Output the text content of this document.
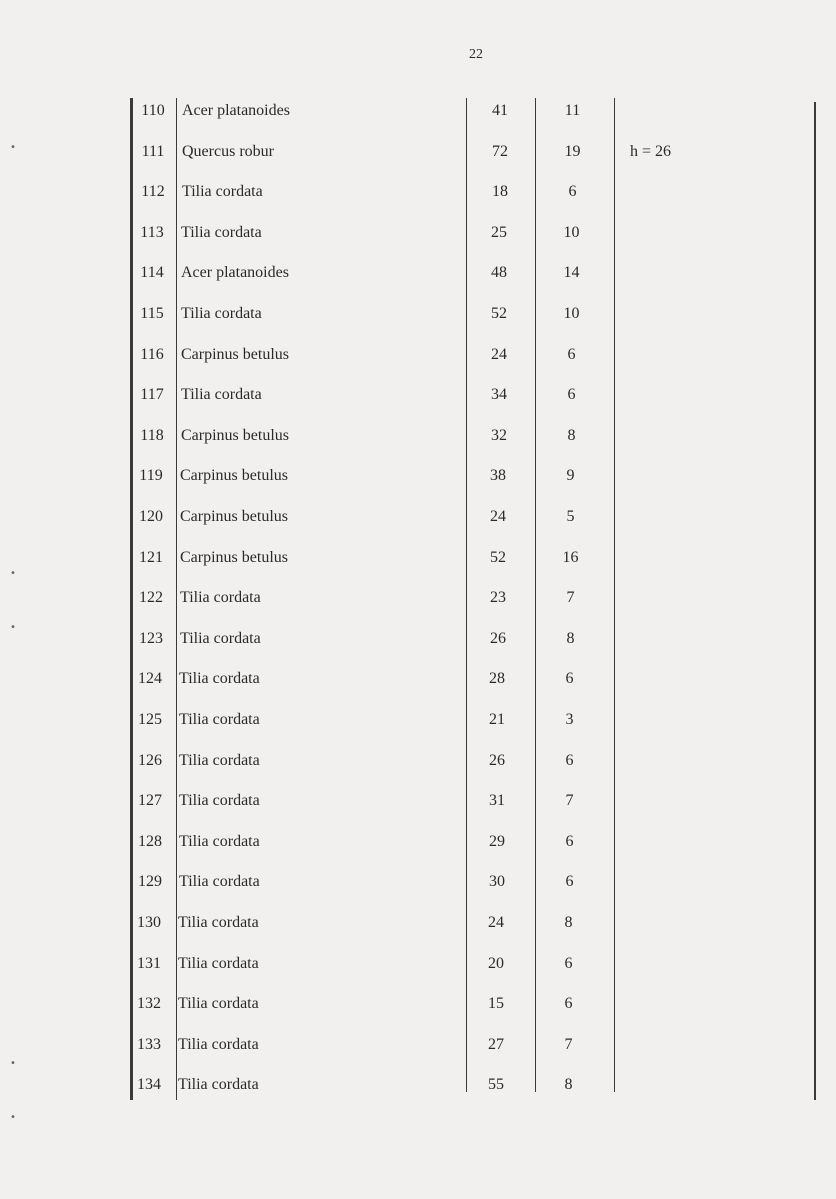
22
110	Acer platanoides	41	11
111	Quercus robur	72	19	h = 26
112	Tilia cordata	18	6
113	Tilia cordata	25	10
114	Acer platanoides	48	14
115	Tilia cordata	52	10
116	Carpinus betulus	24	6
117	Tilia cordata	34	6
118	Carpinus betulus	32	8
119	Carpinus betulus	38	9
120	Carpinus betulus	24	5
121	Carpinus betulus	52	16
122	Tilia cordata	23	7
123	Tilia cordata	26	8
124	Tilia cordata	28	6
125	Tilia cordata	21	3
126	Tilia cordata	26	6
127	Tilia cordata	31	7
128	Tilia cordata	29	6
129	Tilia cordata	30	6
130	Tilia cordata	24	8
131	Tilia cordata	20	6
132	Tilia cordata	15	6
133	Tilia cordata	27	7
134	Tilia cordata	55	8
•
•
•
•
•
